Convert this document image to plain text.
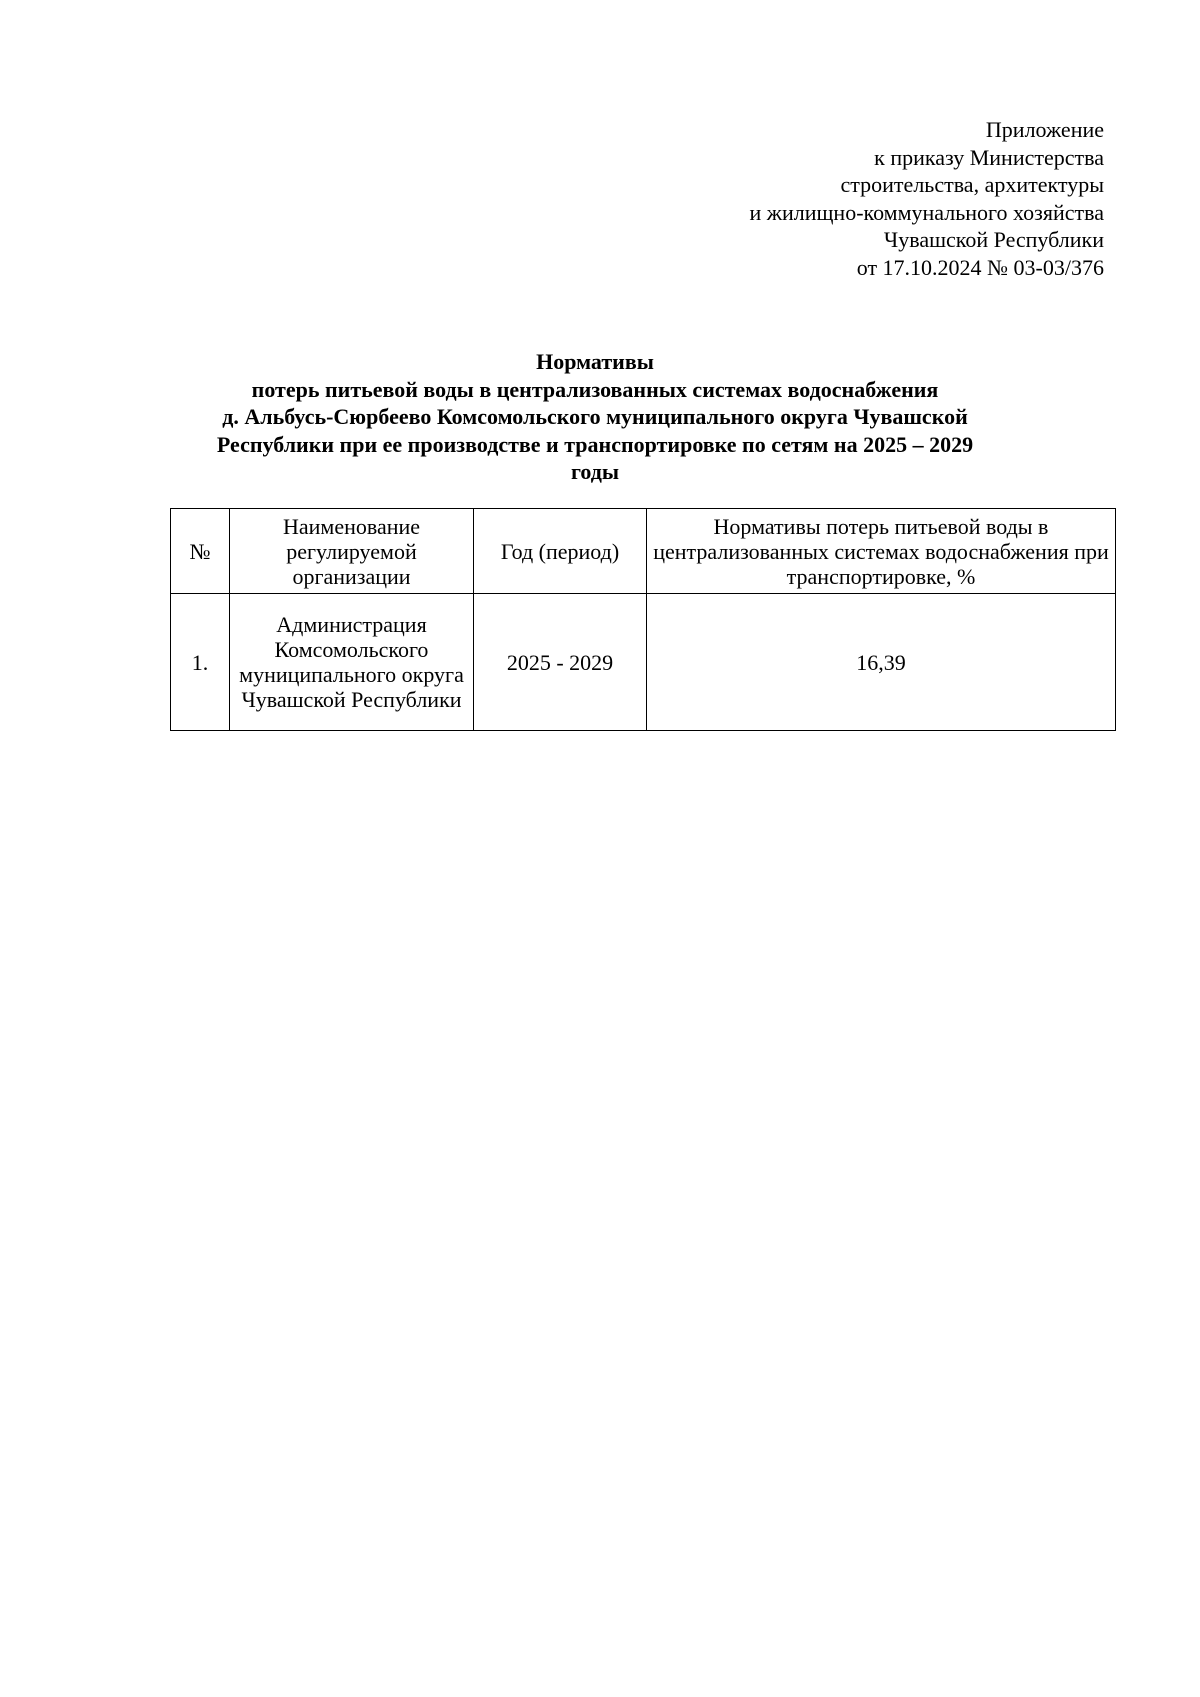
Приложение
к приказу Министерства
строительства, архитектуры
и жилищно-коммунального хозяйства
Чувашской Республики
от 17.10.2024 № 03-03/376
Нормативы
потерь питьевой воды в централизованных системах водоснабжения
д. Альбусь-Сюрбеево Комсомольского муниципального округа Чувашской
Республики при ее производстве и транспортировке по сетям на 2025 – 2029
годы
№	Наименование регулируемой организации	Год (период)	Нормативы потерь питьевой воды в централизованных системах водоснабжения при транспортировке, %
1.	Администрация Комсомольского муниципального округа Чувашской Республики	2025 - 2029	16,39
